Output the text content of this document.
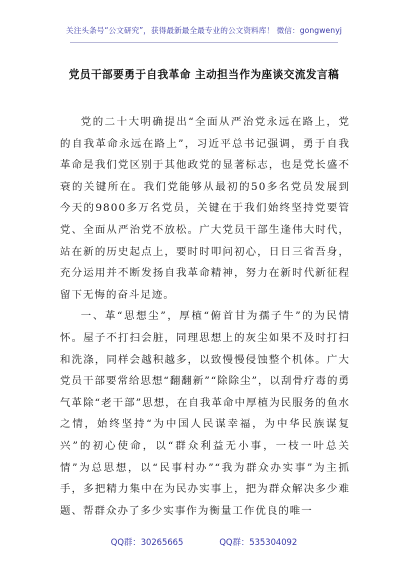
关注头条号“公文研究”，获得最新最全最专业的公文资料库！ 微信：gongwenyj
党员干部要勇于自我革命 主动担当作为座谈交流发言稿

党的二十大明确提出“全面从严治党永远在路上，党的自我革命永远在路上”，习近平总书记强调，勇于自我革命是我们党区别于其他政党的显著标志，也是党长盛不衰的关键所在。我们党能够从最初的50多名党员发展到今天的9800多万名党员，关键在于我们始终坚持党要管党、全面从严治党不放松。广大党员干部生逢伟大时代，站在新的历史起点上，要时时叩问初心，日日三省吾身，充分运用并不断发扬自我革命精神，努力在新时代新征程留下无悔的奋斗足迹。

一、革“思想尘”，厚植“俯首甘为孺子牛”的为民情怀。屋子不打扫会脏，同理思想上的灰尘如果不及时打扫和洗涤，同样会越积越多，以致慢慢侵蚀整个机体。广大党员干部要常给思想“翻翻新”“除除尘”，以刮骨疗毒的勇气革除“老干部”思想，在自我革命中厚植为民服务的鱼水之情，始终坚持“为中国人民谋幸福，为中华民族谋复兴”的初心使命，以“群众利益无小事，一枝一叶总关情”为总思想，以“民事村办”“我为群众办实事”为主抓手，多把精力集中在为民办实事上，把为群众解决多少难题、帮群众办了多少实事作为衡量工作优良的唯一

QQ群：30265665	QQ群：535304092
